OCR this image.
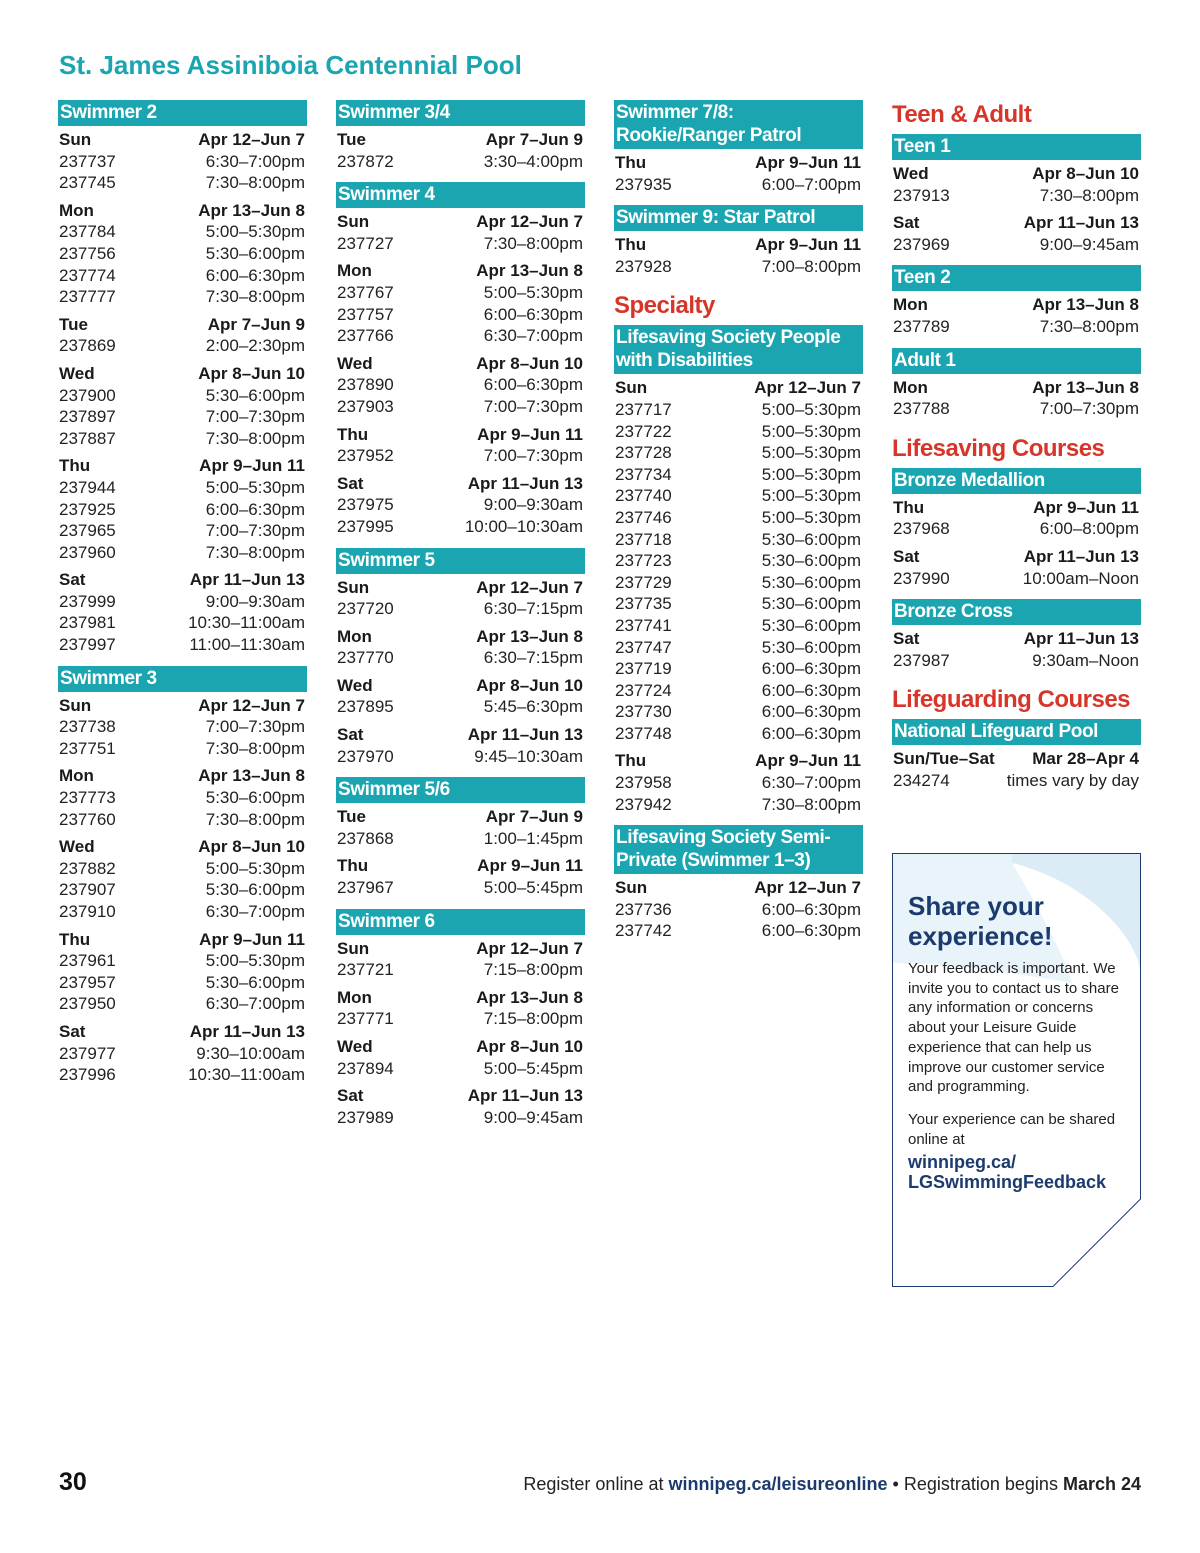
St. James Assiniboia Centennial Pool
Swimmer 2
Sun	Apr 12–Jun 7
237737	6:30–7:00pm
237745	7:30–8:00pm
Mon	Apr 13–Jun 8
237784	5:00–5:30pm
237756	5:30–6:00pm
237774	6:00–6:30pm
237777	7:30–8:00pm
Tue	Apr 7–Jun 9
237869	2:00–2:30pm
Wed	Apr 8–Jun 10
237900	5:30–6:00pm
237897	7:00–7:30pm
237887	7:30–8:00pm
Thu	Apr 9–Jun 11
237944	5:00–5:30pm
237925	6:00–6:30pm
237965	7:00–7:30pm
237960	7:30–8:00pm
Sat	Apr 11–Jun 13
237999	9:00–9:30am
237981	10:30–11:00am
237997	11:00–11:30am
Swimmer 3
Sun	Apr 12–Jun 7
237738	7:00–7:30pm
237751	7:30–8:00pm
Mon	Apr 13–Jun 8
237773	5:30–6:00pm
237760	7:30–8:00pm
Wed	Apr 8–Jun 10
237882	5:00–5:30pm
237907	5:30–6:00pm
237910	6:30–7:00pm
Thu	Apr 9–Jun 11
237961	5:00–5:30pm
237957	5:30–6:00pm
237950	6:30–7:00pm
Sat	Apr 11–Jun 13
237977	9:30–10:00am
237996	10:30–11:00am
Swimmer 3/4
Tue	Apr 7–Jun 9
237872	3:30–4:00pm
Swimmer 4
Sun	Apr 12–Jun 7
237727	7:30–8:00pm
Mon	Apr 13–Jun 8
237767	5:00–5:30pm
237757	6:00–6:30pm
237766	6:30–7:00pm
Wed	Apr 8–Jun 10
237890	6:00–6:30pm
237903	7:00–7:30pm
Thu	Apr 9–Jun 11
237952	7:00–7:30pm
Sat	Apr 11–Jun 13
237975	9:00–9:30am
237995	10:00–10:30am
Swimmer 5
Sun	Apr 12–Jun 7
237720	6:30–7:15pm
Mon	Apr 13–Jun 8
237770	6:30–7:15pm
Wed	Apr 8–Jun 10
237895	5:45–6:30pm
Sat	Apr 11–Jun 13
237970	9:45–10:30am
Swimmer 5/6
Tue	Apr 7–Jun 9
237868	1:00–1:45pm
Thu	Apr 9–Jun 11
237967	5:00–5:45pm
Swimmer 6
Sun	Apr 12–Jun 7
237721	7:15–8:00pm
Mon	Apr 13–Jun 8
237771	7:15–8:00pm
Wed	Apr 8–Jun 10
237894	5:00–5:45pm
Sat	Apr 11–Jun 13
237989	9:00–9:45am
Swimmer 7/8: Rookie/Ranger Patrol
Thu	Apr 9–Jun 11
237935	6:00–7:00pm
Swimmer 9: Star Patrol
Thu	Apr 9–Jun 11
237928	7:00–8:00pm
Specialty
Lifesaving Society People with Disabilities
Sun	Apr 12–Jun 7
237717	5:00–5:30pm
237722	5:00–5:30pm
237728	5:00–5:30pm
237734	5:00–5:30pm
237740	5:00–5:30pm
237746	5:00–5:30pm
237718	5:30–6:00pm
237723	5:30–6:00pm
237729	5:30–6:00pm
237735	5:30–6:00pm
237741	5:30–6:00pm
237747	5:30–6:00pm
237719	6:00–6:30pm
237724	6:00–6:30pm
237730	6:00–6:30pm
237748	6:00–6:30pm
Thu	Apr 9–Jun 11
237958	6:30–7:00pm
237942	7:30–8:00pm
Lifesaving Society Semi-Private (Swimmer 1–3)
Sun	Apr 12–Jun 7
237736	6:00–6:30pm
237742	6:00–6:30pm
Teen & Adult
Teen 1
Wed	Apr 8–Jun 10
237913	7:30–8:00pm
Sat	Apr 11–Jun 13
237969	9:00–9:45am
Teen 2
Mon	Apr 13–Jun 8
237789	7:30–8:00pm
Adult 1
Mon	Apr 13–Jun 8
237788	7:00–7:30pm
Lifesaving Courses
Bronze Medallion
Thu	Apr 9–Jun 11
237968	6:00–8:00pm
Sat	Apr 11–Jun 13
237990	10:00am–Noon
Bronze Cross
Sat	Apr 11–Jun 13
237987	9:30am–Noon
Lifeguarding Courses
National Lifeguard Pool
Sun/Tue–Sat Mar 28–Apr 4
234274	times vary by day
Share your experience!
Your feedback is important. We invite you to contact us to share any information or concerns about your Leisure Guide experience that can help us improve our customer service and programming.
Your experience can be shared online at
winnipeg.ca/
LGSwimmingFeedback
30	Register online at winnipeg.ca/leisureonline • Registration begins March 24
